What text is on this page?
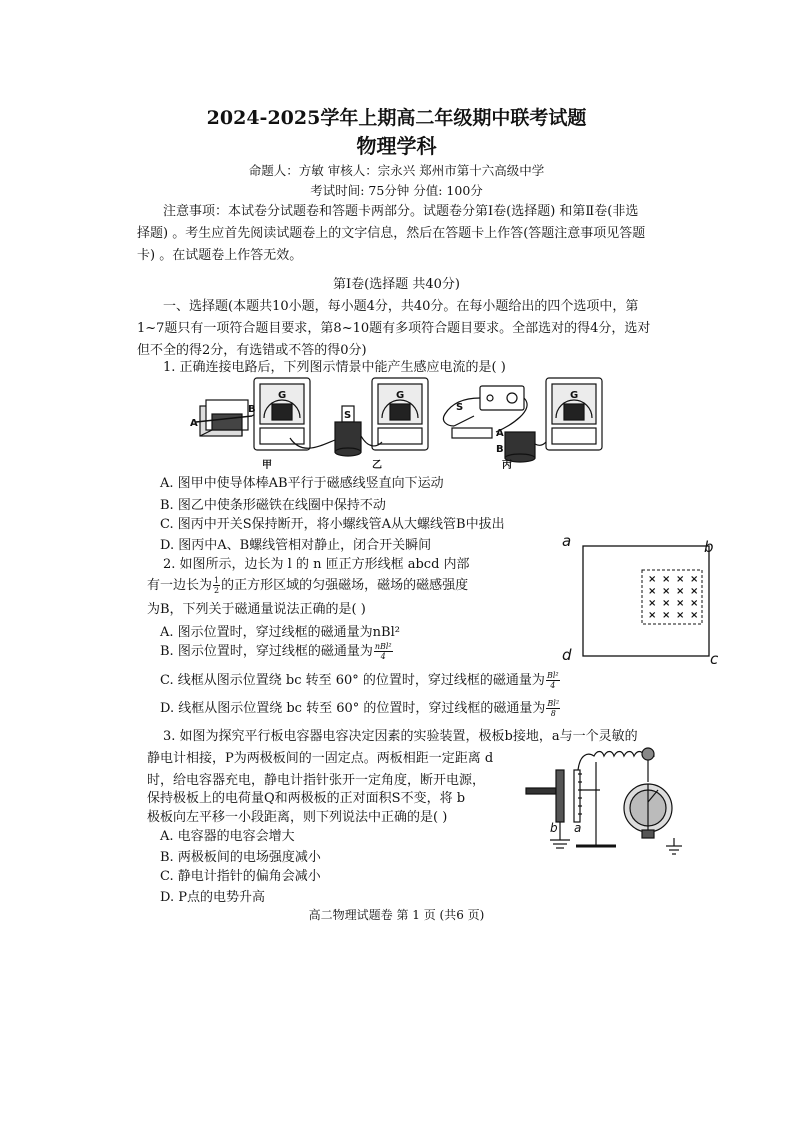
2024-2025学年上期高二年级期中联考试题
物理学科
命题人：方敏 审核人：宗永兴 郑州市第十六高级中学
考试时间: 75分钟 分值: 100分
注意事项：本试卷分试题卷和答题卡两部分。试题卷分第Ⅰ卷(选择题) 和第Ⅱ卷(非选
择题) 。考生应首先阅读试题卷上的文字信息，然后在答题卡上作答(答题注意事项见答题
卡) 。在试题卷上作答无效。
第Ⅰ卷(选择题 共40分)
一、选择题(本题共10小题，每小题4分，共40分。在每小题给出的四个选项中，第
1~7题只有一项符合题目要求，第8~10题有多项符合题目要求。全部选对的得4分，选对
但不全的得2分，有选错或不答的得0分)
1. 正确连接电路后，下列图示情景中能产生感应电流的是( )
A
B
S
S
A
B
G	G	G
甲	乙	丙
A. 图甲中使导体棒AB平行于磁感线竖直向下运动
B. 图乙中使条形磁铁在线圈中保持不动
C. 图丙中开关S保持断开，将小螺线管A从大螺线管B中拔出
D. 图丙中A、B螺线管相对静止，闭合开关瞬间
× × × ×
× × × ×
× × × ×
× × × ×
a	b
c
d
2. 如图所示，边长为 l 的 n 匝正方形线框 abcd 内部
有一边长为 $\frac{1}{2}$ 的正方形区域的匀强磁场，磁场的磁感强度
为B，下列关于磁通量说法正确的是( )
A. 图示位置时，穿过线框的磁通量为nBl²
B. 图示位置时，穿过线框的磁通量为 $\frac{\text{nBl²}}{4}$
C. 线框从图示位置绕 bc 转至 60° 的位置时，穿过线框的磁通量为 $\frac{\text{Bl²}}{4}$
D. 线框从图示位置绕 bc 转至 60° 的位置时，穿过线框的磁通量为 $\frac{\text{Bl²}}{8}$
3. 如图为探究平行板电容器电容决定因素的实验装置，极板b接地，a与一个灵敏的
静电计相接，P为两极板间的一固定点。两板相距一定距离 d
时，给电容器充电，静电计指针张开一定角度，断开电源，
保持极板上的电荷量Q和两极板的正对面积S不变，将 b
极板向左平移一小段距离，则下列说法中正确的是( )
b a
A. 电容器的电容会增大
B. 两极板间的电场强度减小
C. 静电计指针的偏角会减小
D. P点的电势升高
高二物理试题卷 第 1 页 (共6 页)
